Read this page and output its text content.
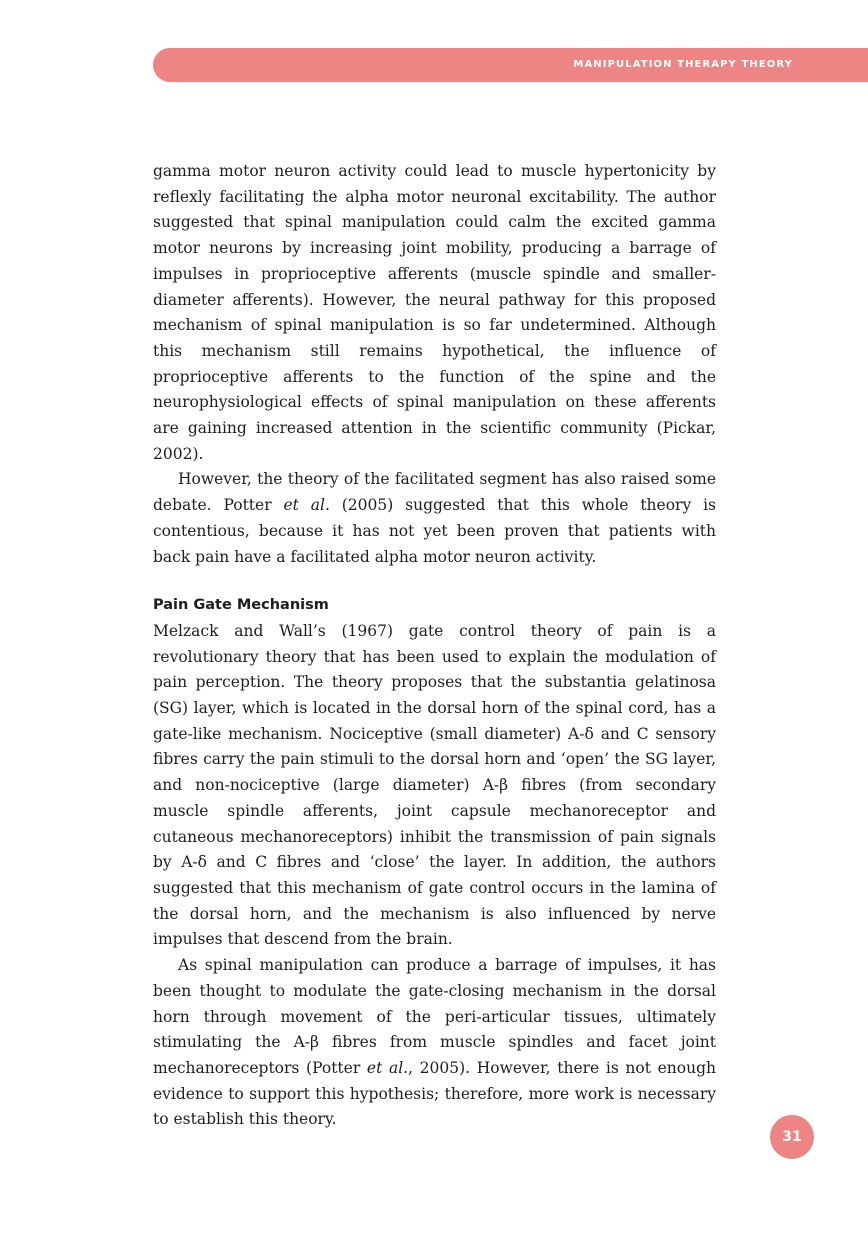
MANIPULATION THERAPY THEORY

gamma motor neuron activity could lead to muscle hypertonicity by reflexly facilitating the alpha motor neuronal excitability. The author suggested that spinal manipulation could calm the excited gamma motor neurons by increasing joint mobility, producing a barrage of impulses in proprioceptive afferents (muscle spindle and smaller-diameter afferents). However, the neural pathway for this proposed mechanism of spinal manipulation is so far undetermined. Although this mechanism still remains hypothetical, the influence of proprioceptive afferents to the function of the spine and the neurophysiological effects of spinal manipulation on these afferents are gaining increased attention in the scientific community (Pickar, 2002).

However, the theory of the facilitated segment has also raised some debate. Potter et al. (2005) suggested that this whole theory is contentious, because it has not yet been proven that patients with back pain have a facilitated alpha motor neuron activity.

Pain Gate Mechanism

Melzack and Wall’s (1967) gate control theory of pain is a revolutionary theory that has been used to explain the modulation of pain perception. The theory proposes that the substantia gelatinosa (SG) layer, which is located in the dorsal horn of the spinal cord, has a gate-like mechanism. Nociceptive (small diameter) A-δ and C sensory fibres carry the pain stimuli to the dorsal horn and ‘open’ the SG layer, and non-nociceptive (large diameter) A-β fibres (from secondary muscle spindle afferents, joint capsule mechanoreceptor and cutaneous mechanoreceptors) inhibit the transmission of pain signals by A-δ and C fibres and ‘close’ the layer. In addition, the authors suggested that this mechanism of gate control occurs in the lamina of the dorsal horn, and the mechanism is also influenced by nerve impulses that descend from the brain.

As spinal manipulation can produce a barrage of impulses, it has been thought to modulate the gate-closing mechanism in the dorsal horn through movement of the peri-articular tissues, ultimately stimulating the A-β fibres from muscle spindles and facet joint mechanoreceptors (Potter et al., 2005). However, there is not enough evidence to support this hypothesis; therefore, more work is necessary to establish this theory.

31
